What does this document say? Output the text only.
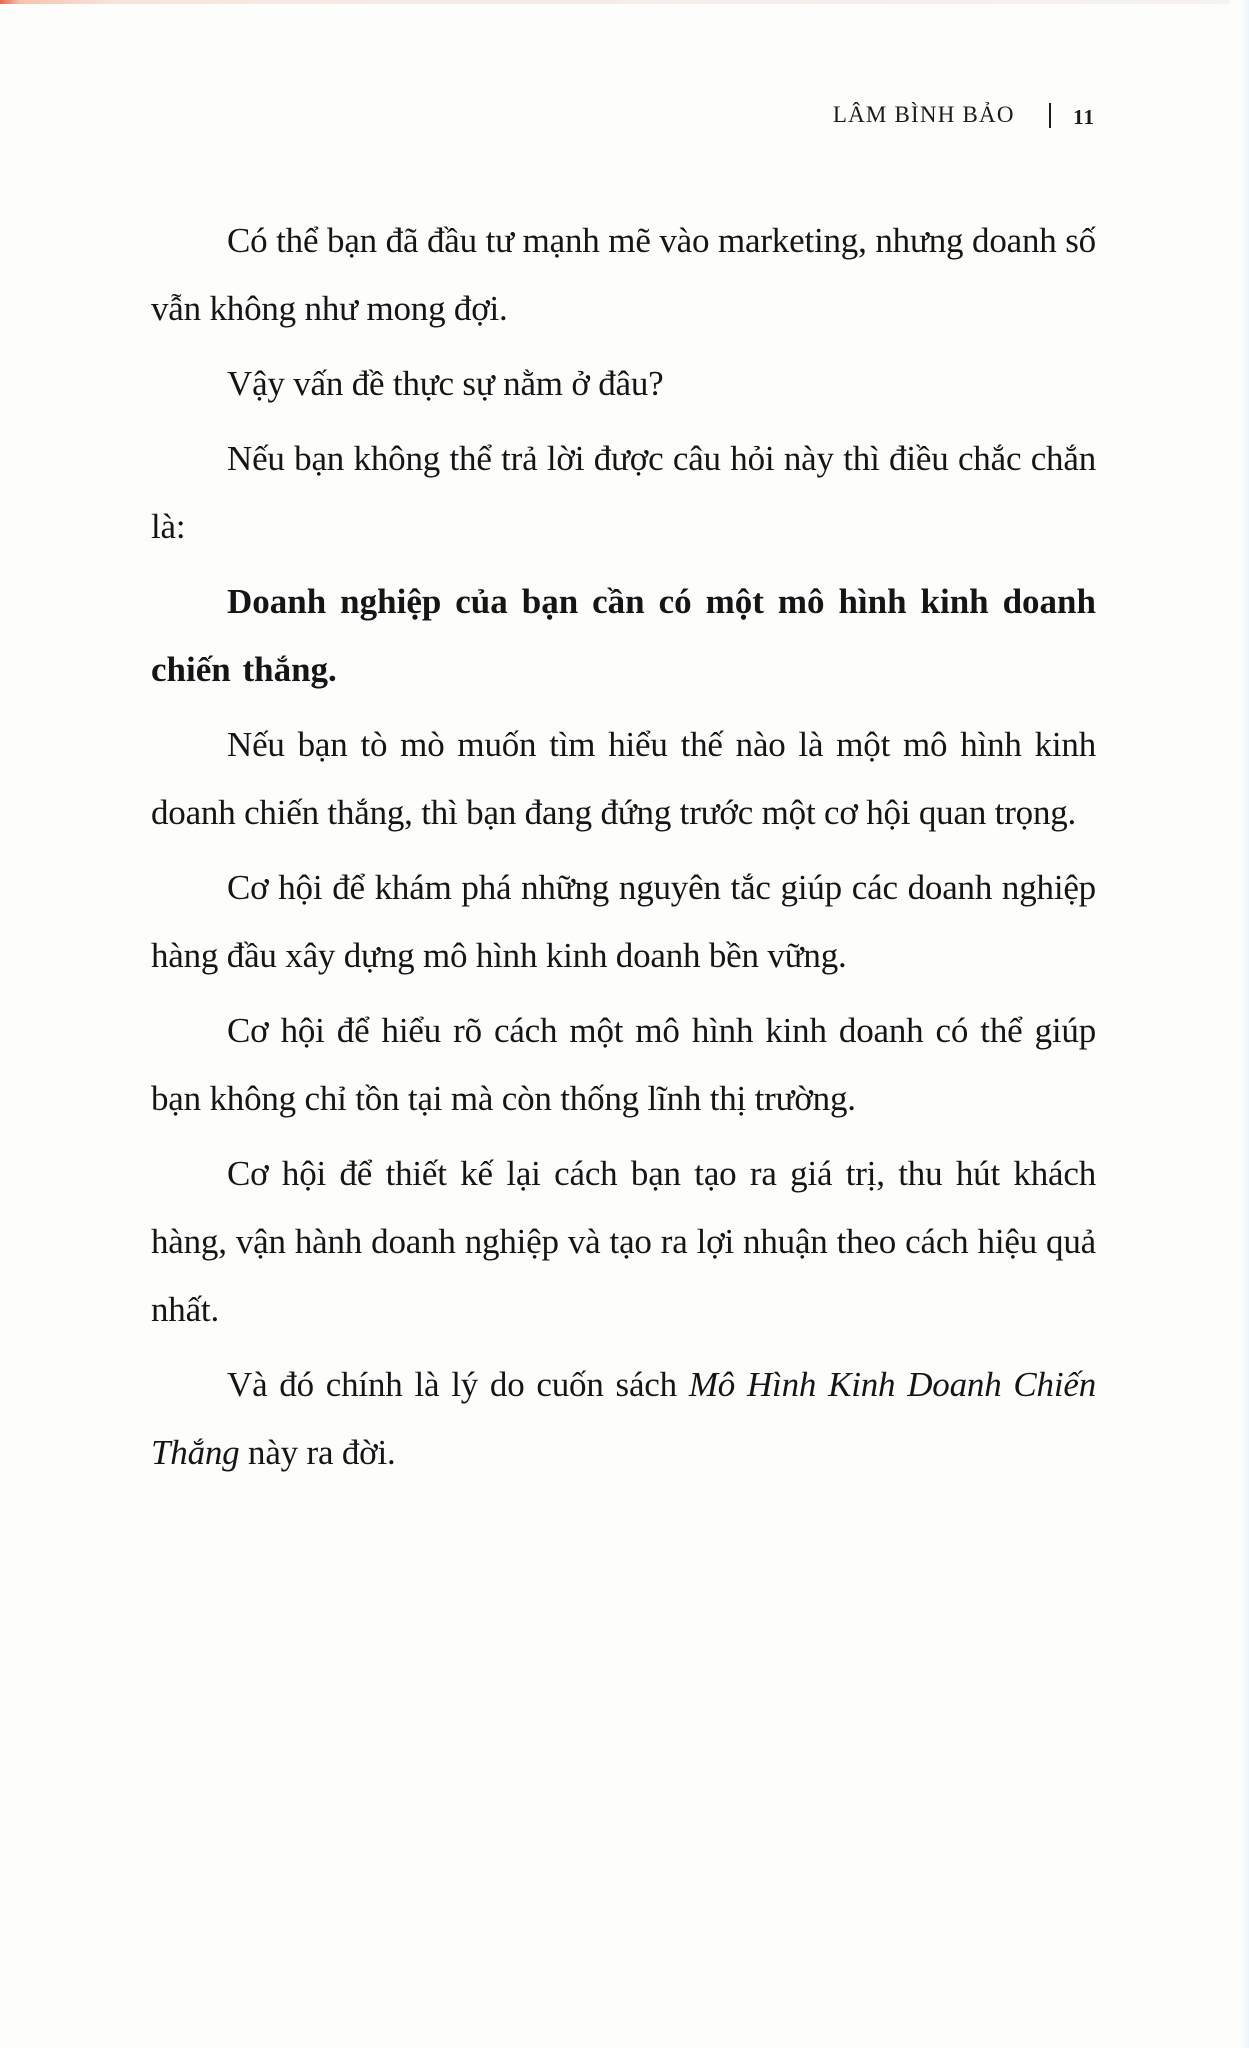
LÂM BÌNH BẢO	11

Có thể bạn đã đầu tư mạnh mẽ vào marketing, nhưng doanh số vẫn không như mong đợi.

Vậy vấn đề thực sự nằm ở đâu?

Nếu bạn không thể trả lời được câu hỏi này thì điều chắc chắn là:

Doanh nghiệp của bạn cần có một mô hình kinh doanh chiến thắng.

Nếu bạn tò mò muốn tìm hiểu thế nào là một mô hình kinh doanh chiến thắng, thì bạn đang đứng trước một cơ hội quan trọng.

Cơ hội để khám phá những nguyên tắc giúp các doanh nghiệp hàng đầu xây dựng mô hình kinh doanh bền vững.

Cơ hội để hiểu rõ cách một mô hình kinh doanh có thể giúp bạn không chỉ tồn tại mà còn thống lĩnh thị trường.

Cơ hội để thiết kế lại cách bạn tạo ra giá trị, thu hút khách hàng, vận hành doanh nghiệp và tạo ra lợi nhuận theo cách hiệu quả nhất.

Và đó chính là lý do cuốn sách Mô Hình Kinh Doanh Chiến Thắng này ra đời.
